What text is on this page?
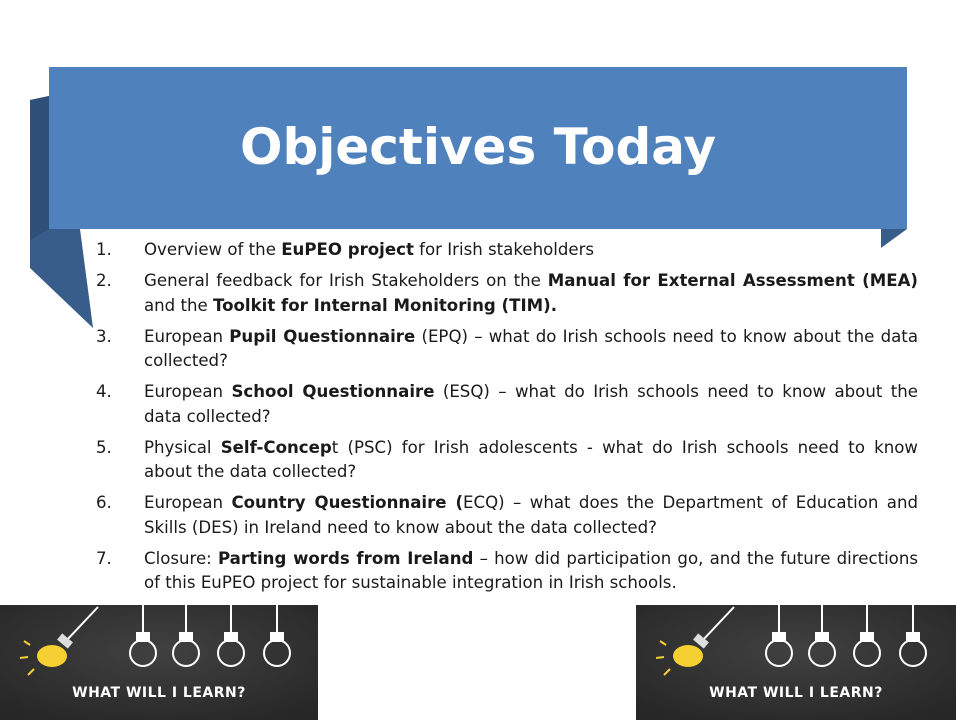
Objectives Today
1.	Overview of the EuPEO project for Irish stakeholders
2.	General feedback for Irish Stakeholders on the Manual for External Assessment (MEA) and the Toolkit for Internal Monitoring (TIM).
3.	European Pupil Questionnaire (EPQ) – what do Irish schools need to know about the data collected?
4.	European School Questionnaire (ESQ) – what do Irish schools need to know about the data collected?
5.	Physical Self-Concept (PSC) for Irish adolescents - what do Irish schools need to know about the data collected?
6.	European Country Questionnaire (ECQ) – what does the Department of Education and Skills (DES) in Ireland need to know about the data collected?
7.	Closure: Parting words from Ireland – how did participation go, and the future directions of this EuPEO project for sustainable integration in Irish schools.
WHAT WILL I LEARN?	WHAT WILL I LEARN?
